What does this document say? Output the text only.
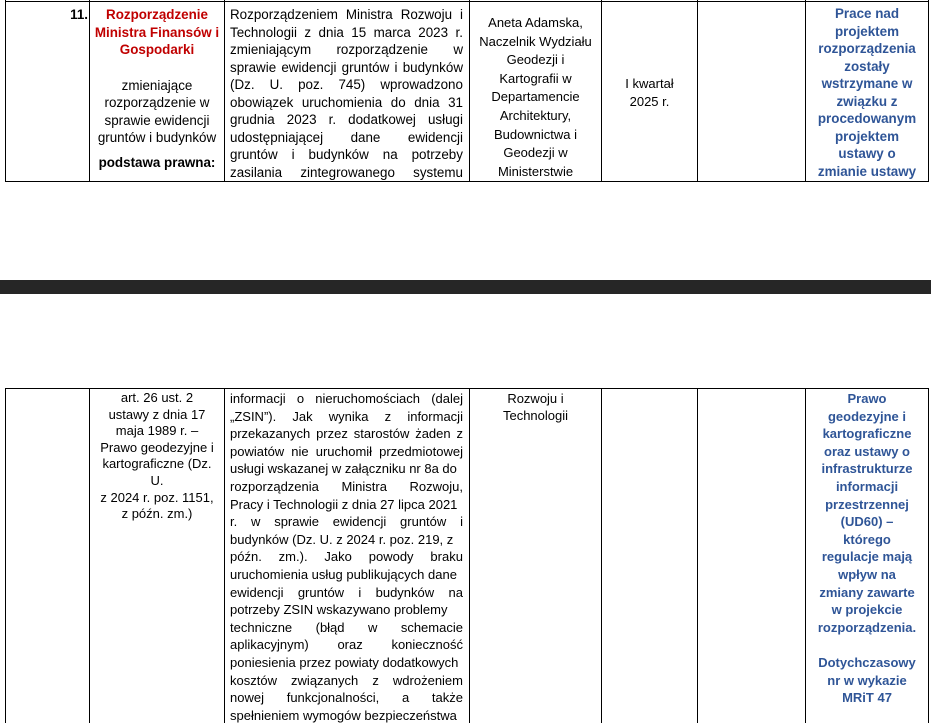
11.	Rozporządzenie Ministra Finansów i Gospodarki
zmieniające
rozporządzenie w
sprawie ewidencji
gruntów i budynków
podstawa prawna:
Rozporządzeniem Ministra Rozwoju i
Technologii z dnia 15 marca 2023 r.
zmieniającym rozporządzenie w
sprawie ewidencji gruntów i budynków
(Dz. U. poz. 745) wprowadzono
obowiązek uruchomienia do dnia 31
grudnia 2023 r. dodatkowej usługi
udostępniającej dane ewidencji
gruntów i budynków na potrzeby
zasilania zintegrowanego systemu
Aneta Adamska,
Naczelnik Wydziału
Geodezji i
Kartografii w
Departamencie
Architektury,
Budownictwa i
Geodezji w
Ministerstwie
I kwartał
2025 r.
Prace nad
projektem
rozporządzenia
zostały
wstrzymane w
związku z
procedowanym
projektem
ustawy o
zmianie ustawy
art. 26 ust. 2
ustawy z dnia 17
maja 1989 r. –
Prawo geodezyjne i
kartograficzne (Dz.
U.
z 2024 r. poz. 1151,
z późn. zm.)
informacji o nieruchomościach (dalej
„ZSIN”). Jak wynika z informacji
przekazanych przez starostów żaden z
powiatów nie uruchomił przedmiotowej
usługi wskazanej w załączniku nr 8a do
rozporządzenia Ministra Rozwoju,
Pracy i Technologii z dnia 27 lipca 2021
r. w sprawie ewidencji gruntów i
budynków (Dz. U. z 2024 r. poz. 219, z
późn. zm.). Jako powody braku
uruchomienia usług publikujących dane
ewidencji gruntów i budynków na
potrzeby ZSIN wskazywano problemy
techniczne (błąd w schemacie
aplikacyjnym) oraz konieczność
poniesienia przez powiaty dodatkowych
kosztów związanych z wdrożeniem
nowej funkcjonalności, a także
spełnieniem wymogów bezpieczeństwa
Rozwoju i
Technologii
Prawo
geodezyjne i
kartograficzne
oraz ustawy o
infrastrukturze
informacji
przestrzennej
(UD60) –
którego
regulacje mają
wpływ na
zmiany zawarte
w projekcie
rozporządzenia.
Dotychczasowy
nr w wykazie
MRiT 47
